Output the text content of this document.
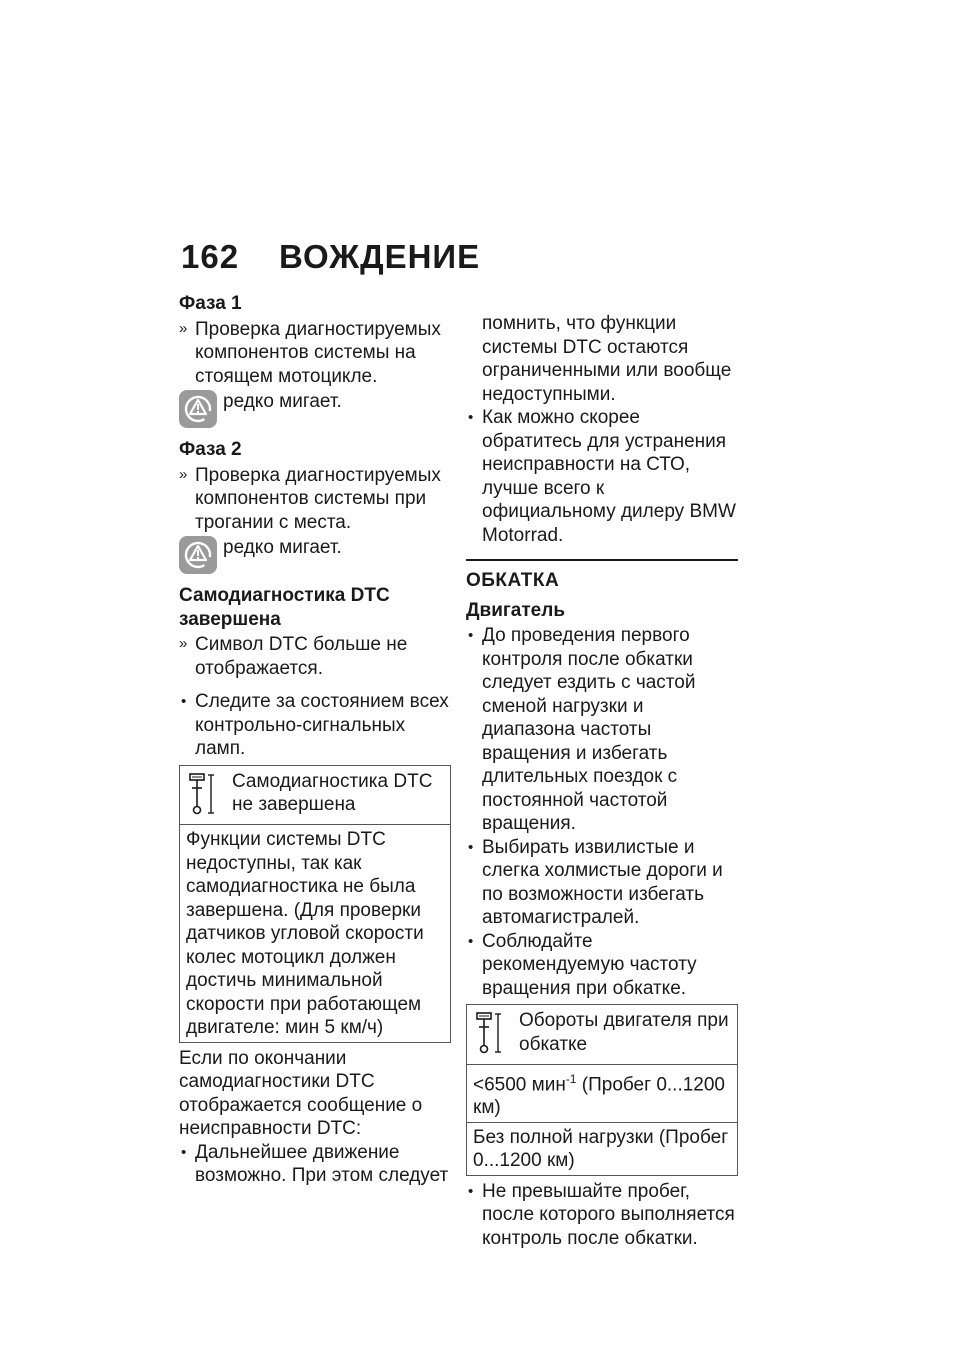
162 ВОЖДЕНИЕ
Фаза 1

» Проверка диагностируемых компонентов системы на стоящем мотоцикле.

редко мигает.
Фаза 2

» Проверка диагностируемых компонентов системы при трогании с места.

редко мигает.
Самодиагностика DTC завершена

» Символ DTC больше не отображается.

• Следите за состоянием всех контрольно-сигнальных ламп.

Самодиагностика DTC не завершена
Функции системы DTC недоступны, так как самодиагностика не была завершена. (Для проверки датчиков угловой скорости колес мотоцикл должен достичь минимальной скорости при работающем двигателе: мин 5 км/ч)

Если по окончании самодиагностики DTC отображается сообщение о неисправности DTC:

• Дальнейшее движение возможно. При этом следует

помнить, что функции системы DTC остаются ограниченными или вообще недоступными.

• Как можно скорее обратитесь для устранения неисправности на СТО, лучше всего к официальному дилеру BMW Motorrad.

ОБКАТКА
Двигатель

• До проведения первого контроля после обкатки следует ездить с частой сменой нагрузки и диапазона частоты вращения и избегать длительных поездок с постоянной частотой вращения.

• Выбирать извилистые и слегка холмистые дороги и по возможности избегать автомагистралей.

• Соблюдайте рекомендуемую частоту вращения при обкатке.

Обороты двигателя при обкатке
<6500 мин$^{-1}$ (Пробег 0...1200 км)
Без полной нагрузки (Пробег 0...1200 км)

• Не превышайте пробег, после которого выполняется контроль после обкатки.
